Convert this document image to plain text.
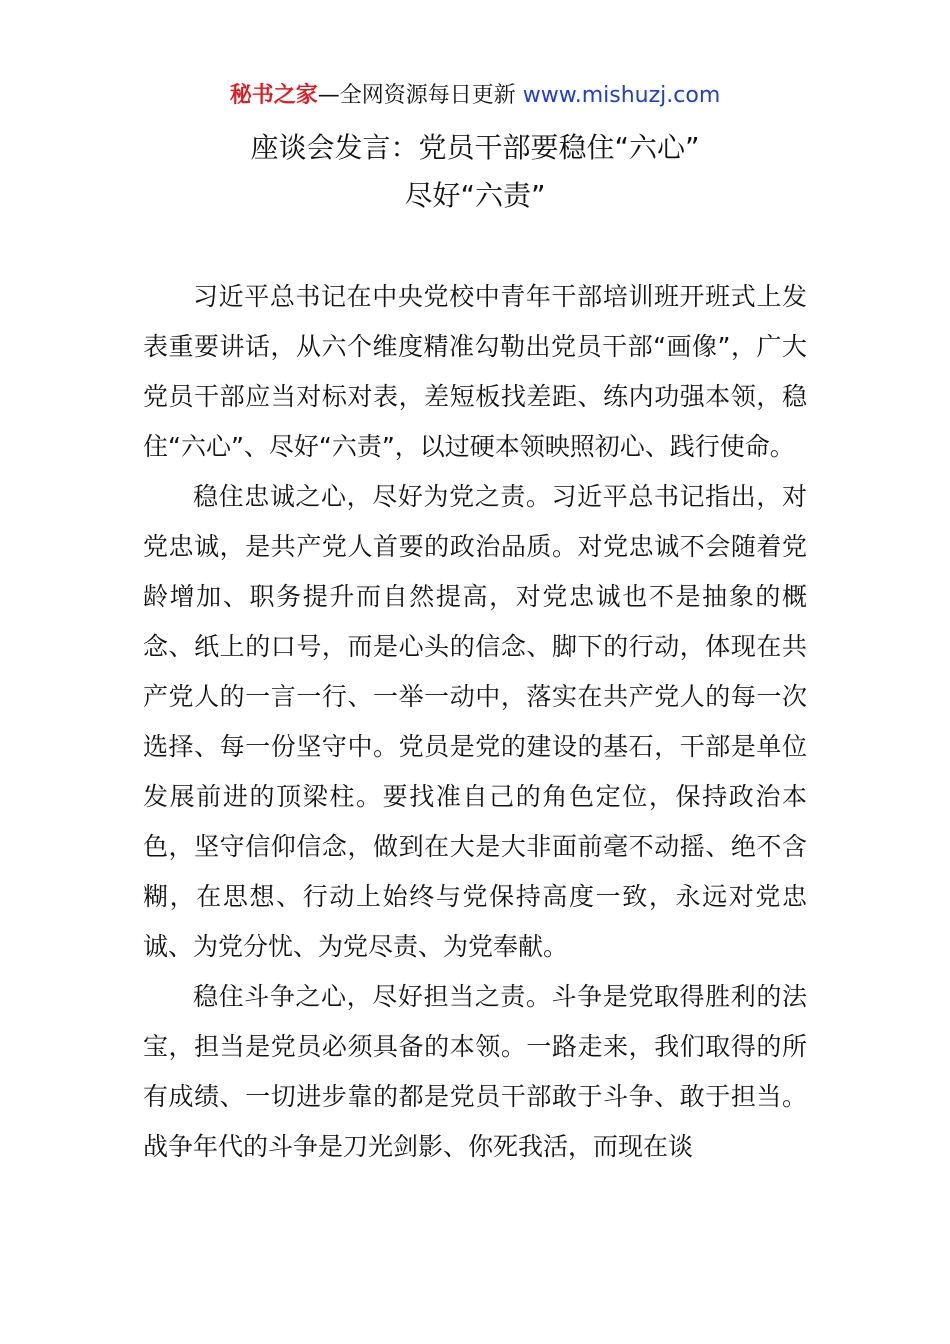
秘书之家—全网资源每日更新 www.mishuzj.com
座谈会发言：党员干部要稳住“六心”
尽好“六责”

习近平总书记在中央党校中青年干部培训班开班式上发表重要讲话，从六个维度精准勾勒出党员干部“画像”，广大党员干部应当对标对表，差短板找差距、练内功强本领，稳住“六心”、尽好“六责”，以过硬本领映照初心、践行使命。

稳住忠诚之心，尽好为党之责。习近平总书记指出，对党忠诚，是共产党人首要的政治品质。对党忠诚不会随着党龄增加、职务提升而自然提高，对党忠诚也不是抽象的概念、纸上的口号，而是心头的信念、脚下的行动，体现在共产党人的一言一行、一举一动中，落实在共产党人的每一次选择、每一份坚守中。党员是党的建设的基石，干部是单位发展前进的顶梁柱。要找准自己的角色定位，保持政治本色，坚守信仰信念，做到在大是大非面前毫不动摇、绝不含糊，在思想、行动上始终与党保持高度一致，永远对党忠诚、为党分忧、为党尽责、为党奉献。

稳住斗争之心，尽好担当之责。斗争是党取得胜利的法宝，担当是党员必须具备的本领。一路走来，我们取得的所有成绩、一切进步靠的都是党员干部敢于斗争、敢于担当。战争年代的斗争是刀光剑影、你死我活，而现在谈
